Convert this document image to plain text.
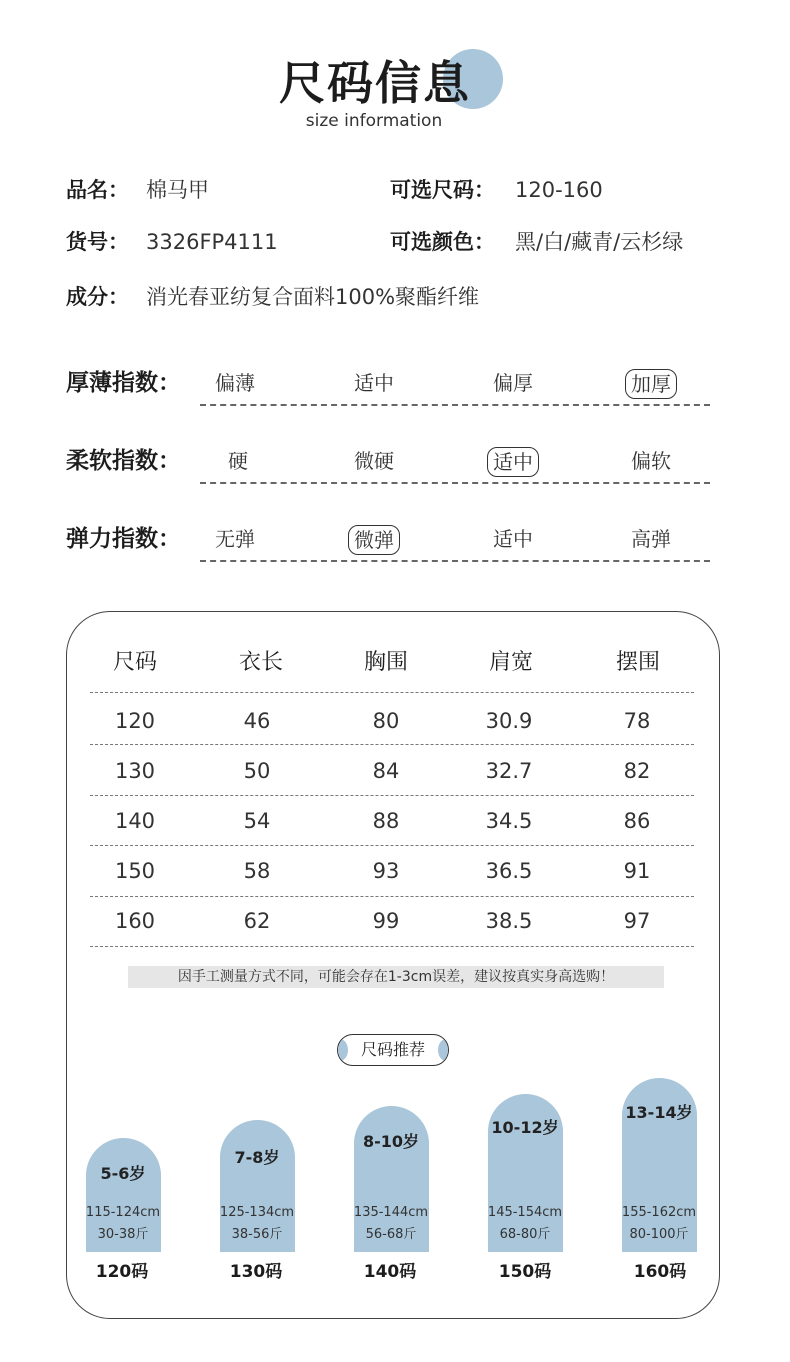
尺码信息
size information
品名： 棉马甲	可选尺码： 120-160
货号： 3326FP4111	可选颜色： 黑/白/藏青/云杉绿
成分： 消光春亚纺复合面料100%聚酯纤维
厚薄指数：	偏薄	适中	偏厚	加厚
柔软指数：	硬	微硬	适中	偏软
弹力指数：	无弹	微弹	适中	高弹
尺码	衣长	胸围	肩宽	摆围
120	46	80	30.9	78
130	50	84	32.7	82
140	54	88	34.5	86
150	58	93	36.5	91
160	62	99	38.5	97
因手工测量方式不同，可能会存在1-3cm误差，建议按真实身高选购！
尺码推荐
5-6岁
7-8岁
8-10岁
10-12岁
13-14岁
115-124cm	125-134cm	135-144cm	145-154cm	155-162cm
30-38斤	38-56斤	56-68斤	68-80斤	80-100斤
120码	130码	140码	150码	160码
